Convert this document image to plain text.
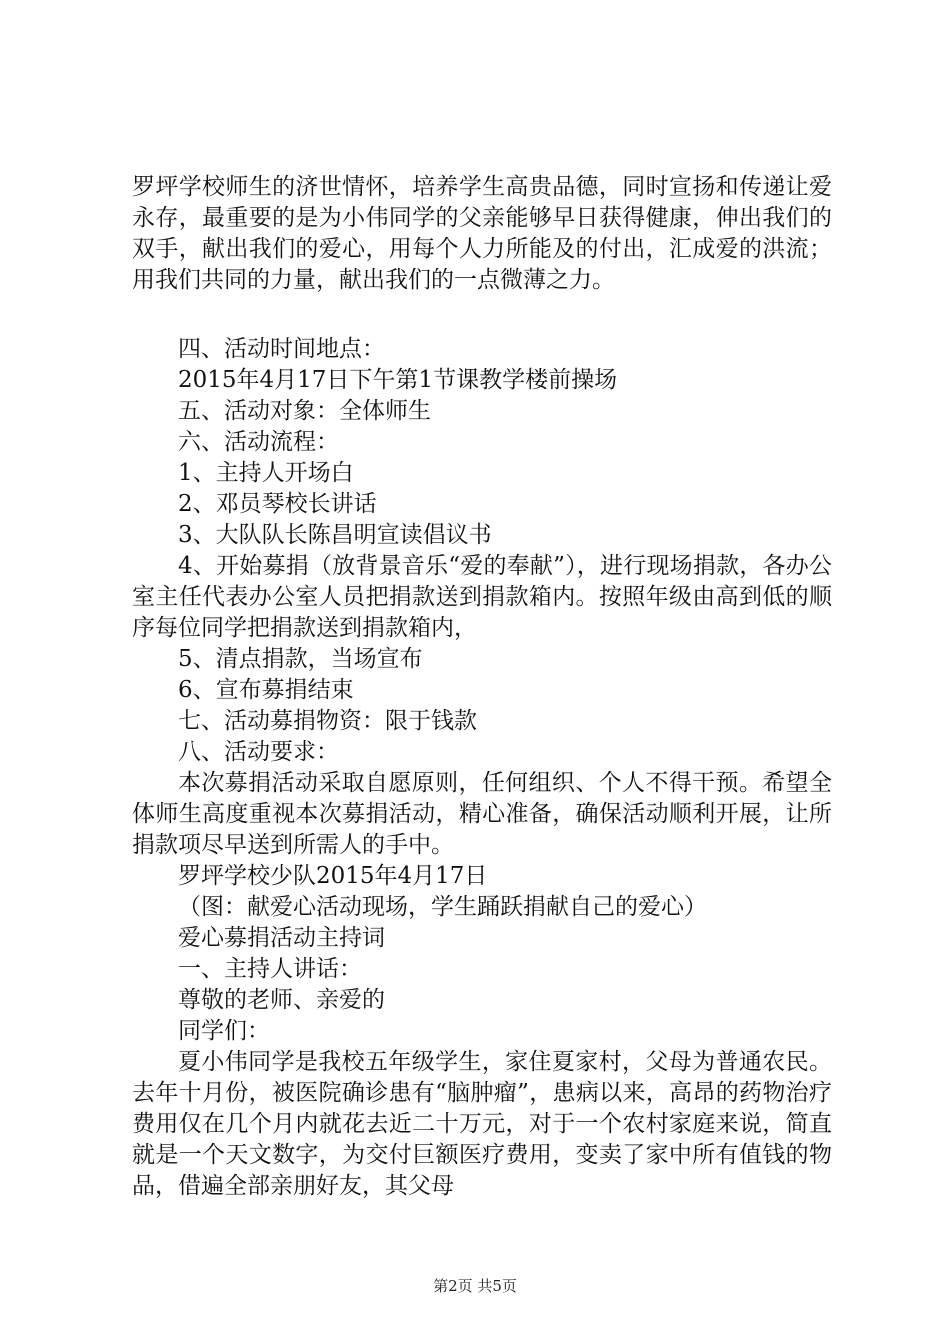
罗坪学校师生的济世情怀，培养学生高贵品德，同时宣扬和传递让爱永存，最重要的是为小伟同学的父亲能够早日获得健康，伸出我们的双手，献出我们的爱心，用每个人力所能及的付出，汇成爱的洪流；用我们共同的力量，献出我们的一点微薄之力。

四、活动时间地点：

2015年4月17日下午第1节课教学楼前操场

五、活动对象：全体师生

六、活动流程：

1、主持人开场白

2、邓员琴校长讲话

3、大队队长陈昌明宣读倡议书

4、开始募捐（放背景音乐“爱的奉献”），进行现场捐款，各办公室主任代表办公室人员把捐款送到捐款箱内。按照年级由高到低的顺序每位同学把捐款送到捐款箱内，

5、清点捐款，当场宣布

6、宣布募捐结束

七、活动募捐物资：限于钱款

八、活动要求：

本次募捐活动采取自愿原则，任何组织、个人不得干预。希望全体师生高度重视本次募捐活动，精心准备，确保活动顺利开展，让所捐款项尽早送到所需人的手中。

罗坪学校少队2015年4月17日

（图：献爱心活动现场，学生踊跃捐献自己的爱心）

爱心募捐活动主持词

一、主持人讲话：

尊敬的老师、亲爱的

同学们：

夏小伟同学是我校五年级学生，家住夏家村，父母为普通农民。去年十月份，被医院确诊患有“脑肿瘤”，患病以来，高昂的药物治疗费用仅在几个月内就花去近二十万元，对于一个农村家庭来说，简直就是一个天文数字，为交付巨额医疗费用，变卖了家中所有值钱的物品，借遍全部亲朋好友，其父母

第2页 共5页
